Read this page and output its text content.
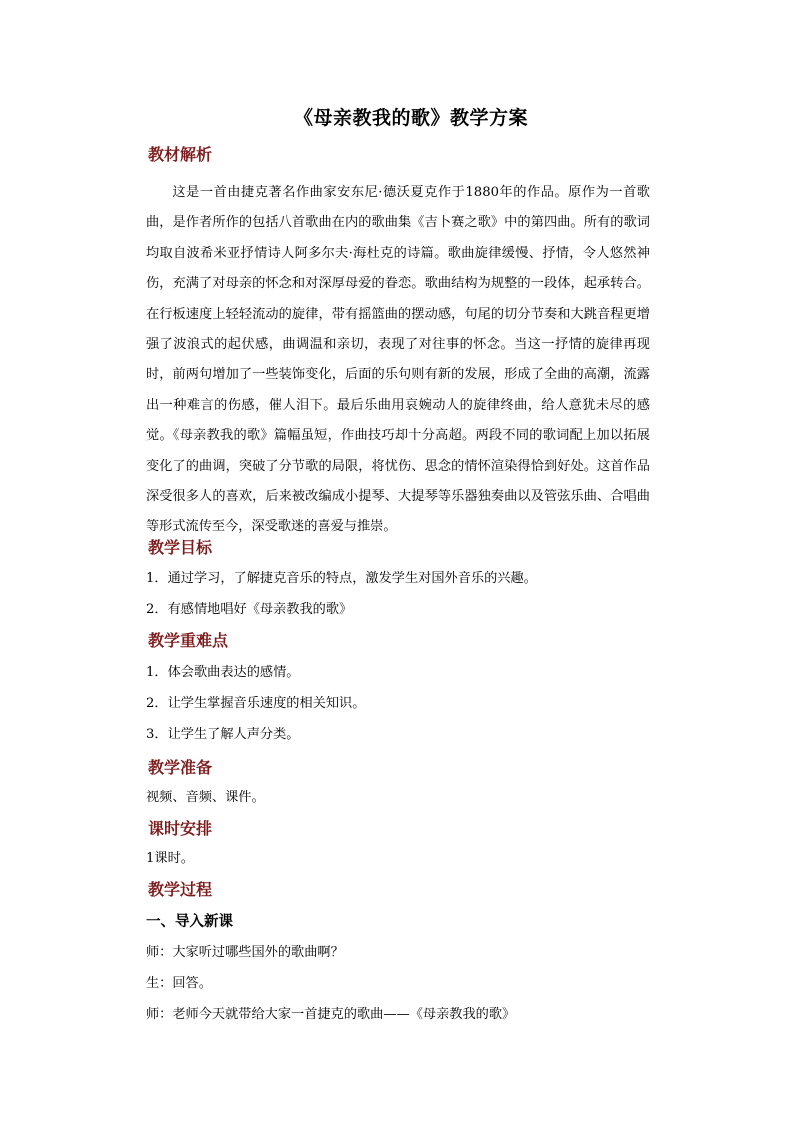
《母亲教我的歌》教学方案
教材解析
这是一首由捷克著名作曲家安东尼·德沃夏克作于1880年的作品。原作为一首歌曲，是作者所作的包括八首歌曲在内的歌曲集《吉卜赛之歌》中的第四曲。所有的歌词均取自波希米亚抒情诗人阿多尔夫·海杜克的诗篇。歌曲旋律缓慢、抒情，令人悠然神伤，充满了对母亲的怀念和对深厚母爱的眷恋。歌曲结构为规整的一段体，起承转合。在行板速度上轻轻流动的旋律，带有摇篮曲的摆动感，句尾的切分节奏和大跳音程更增强了波浪式的起伏感，曲调温和亲切，表现了对往事的怀念。当这一抒情的旋律再现时，前两句增加了一些装饰变化，后面的乐句则有新的发展，形成了全曲的高潮，流露出一种难言的伤感，催人泪下。最后乐曲用哀婉动人的旋律终曲，给人意犹未尽的感觉。《母亲教我的歌》篇幅虽短，作曲技巧却十分高超。两段不同的歌词配上加以拓展变化了的曲调，突破了分节歌的局限，将忧伤、思念的情怀渲染得恰到好处。这首作品深受很多人的喜欢，后来被改编成小提琴、大提琴等乐器独奏曲以及管弦乐曲、合唱曲等形式流传至今，深受歌迷的喜爱与推崇。
教学目标
1．通过学习，了解捷克音乐的特点，激发学生对国外音乐的兴趣。
2．有感情地唱好《母亲教我的歌》
教学重难点
1．体会歌曲表达的感情。
2．让学生掌握音乐速度的相关知识。
3．让学生了解人声分类。
教学准备
视频、音频、课件。
课时安排
1课时。
教学过程
一、导入新课
师：大家听过哪些国外的歌曲啊？
生：回答。
师：老师今天就带给大家一首捷克的歌曲——《母亲教我的歌》
